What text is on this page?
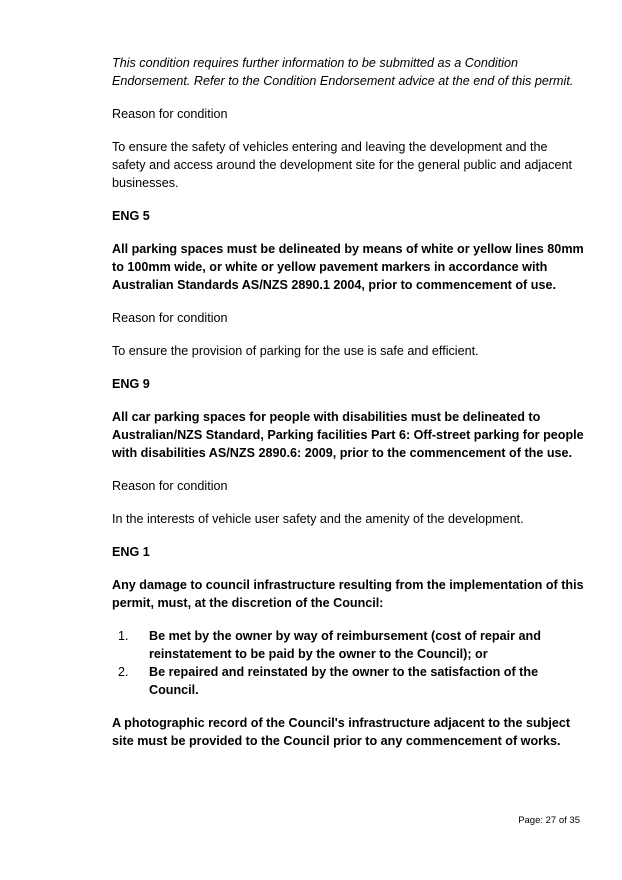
This condition requires further information to be submitted as a Condition Endorsement. Refer to the Condition Endorsement advice at the end of this permit.

Reason for condition

To ensure the safety of vehicles entering and leaving the development and the safety and access around the development site for the general public and adjacent businesses.

ENG 5

All parking spaces must be delineated by means of white or yellow lines 80mm to 100mm wide, or white or yellow pavement markers in accordance with Australian Standards AS/NZS 2890.1 2004, prior to commencement of use.

Reason for condition

To ensure the provision of parking for the use is safe and efficient.

ENG 9

All car parking spaces for people with disabilities must be delineated to Australian/NZS Standard, Parking facilities Part 6: Off-street parking for people with disabilities AS/NZS 2890.6: 2009, prior to the commencement of the use.

Reason for condition

In the interests of vehicle user safety and the amenity of the development.

ENG 1

Any damage to council infrastructure resulting from the implementation of this permit, must, at the discretion of the Council:

1. Be met by the owner by way of reimbursement (cost of repair and reinstatement to be paid by the owner to the Council); or
2. Be repaired and reinstated by the owner to the satisfaction of the Council.

A photographic record of the Council's infrastructure adjacent to the subject site must be provided to the Council prior to any commencement of works.

Page: 27 of 35
